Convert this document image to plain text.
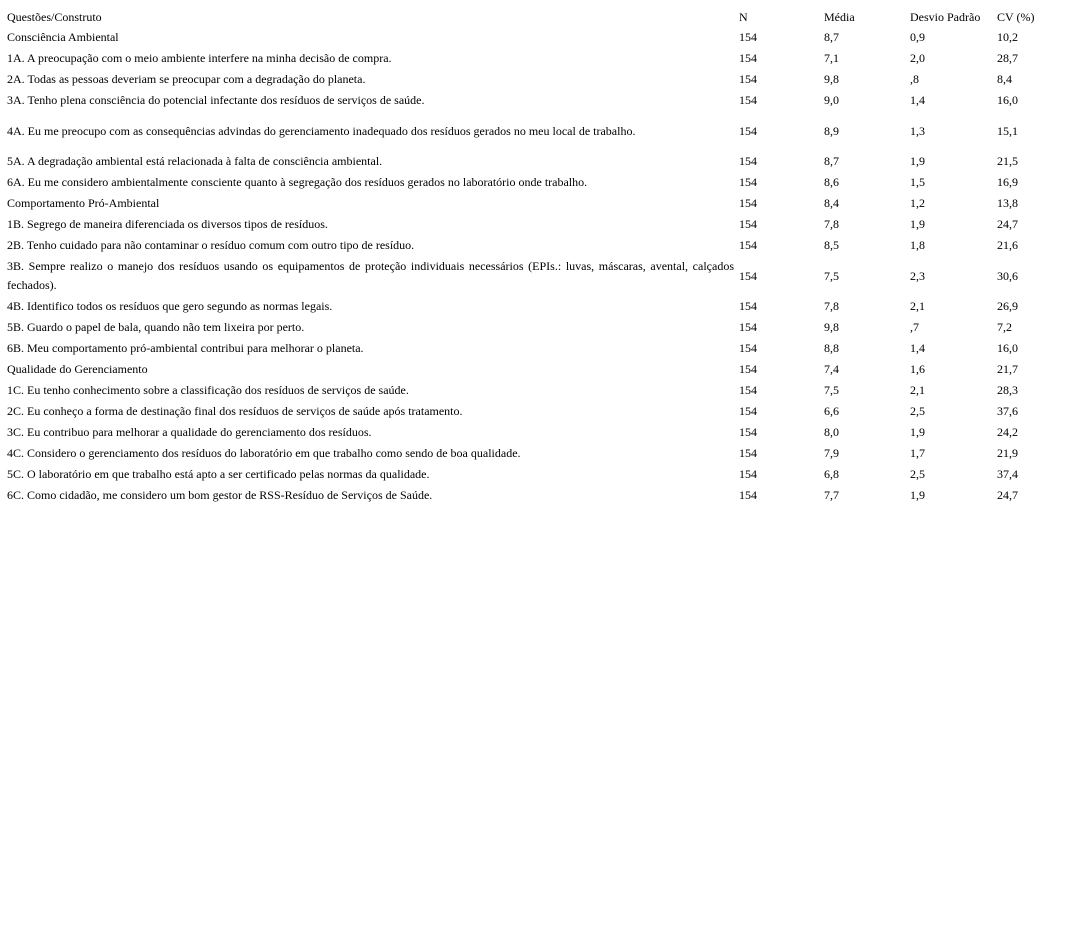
Questões/Construto	N	Média	Desvio Padrão	CV (%)
Consciência Ambiental	154	8,7	0,9	10,2
1A. A preocupação com o meio ambiente interfere na minha decisão de compra.	154	7,1	2,0	28,7
2A. Todas as pessoas deveriam se preocupar com a degradação do planeta.	154	9,8	,8	8,4
3A. Tenho plena consciência do potencial infectante dos resíduos de serviços de saúde.	154	9,0	1,4	16,0
4A. Eu me preocupo com as consequências advindas do gerenciamento inadequado dos resíduos gerados no meu local de trabalho.	154	8,9	1,3	15,1
5A. A degradação ambiental está relacionada à falta de consciência ambiental.	154	8,7	1,9	21,5
6A. Eu me considero ambientalmente consciente quanto à segregação dos resíduos gerados no laboratório onde trabalho.	154	8,6	1,5	16,9
Comportamento Pró-Ambiental	154	8,4	1,2	13,8
1B. Segrego de maneira diferenciada os diversos tipos de resíduos.	154	7,8	1,9	24,7
2B. Tenho cuidado para não contaminar o resíduo comum com outro tipo de resíduo.	154	8,5	1,8	21,6
3B. Sempre realizo o manejo dos resíduos usando os equipamentos de proteção individuais necessários (EPIs.: luvas, máscaras, avental, calçados fechados).	154	7,5	2,3	30,6
4B. Identifico todos os resíduos que gero segundo as normas legais.	154	7,8	2,1	26,9
5B. Guardo o papel de bala, quando não tem lixeira por perto.	154	9,8	,7	7,2
6B. Meu comportamento pró-ambiental contribui para melhorar o planeta.	154	8,8	1,4	16,0
Qualidade do Gerenciamento	154	7,4	1,6	21,7
1C. Eu tenho conhecimento sobre a classificação dos resíduos de serviços de saúde.	154	7,5	2,1	28,3
2C. Eu conheço a forma de destinação final dos resíduos de serviços de saúde após tratamento.	154	6,6	2,5	37,6
3C. Eu contribuo para melhorar a qualidade do gerenciamento dos resíduos.	154	8,0	1,9	24,2
4C. Considero o gerenciamento dos resíduos do laboratório em que trabalho como sendo de boa qualidade.	154	7,9	1,7	21,9
5C. O laboratório em que trabalho está apto a ser certificado pelas normas da qualidade.	154	6,8	2,5	37,4
6C. Como cidadão, me considero um bom gestor de RSS-Resíduo de Serviços de Saúde.	154	7,7	1,9	24,7
